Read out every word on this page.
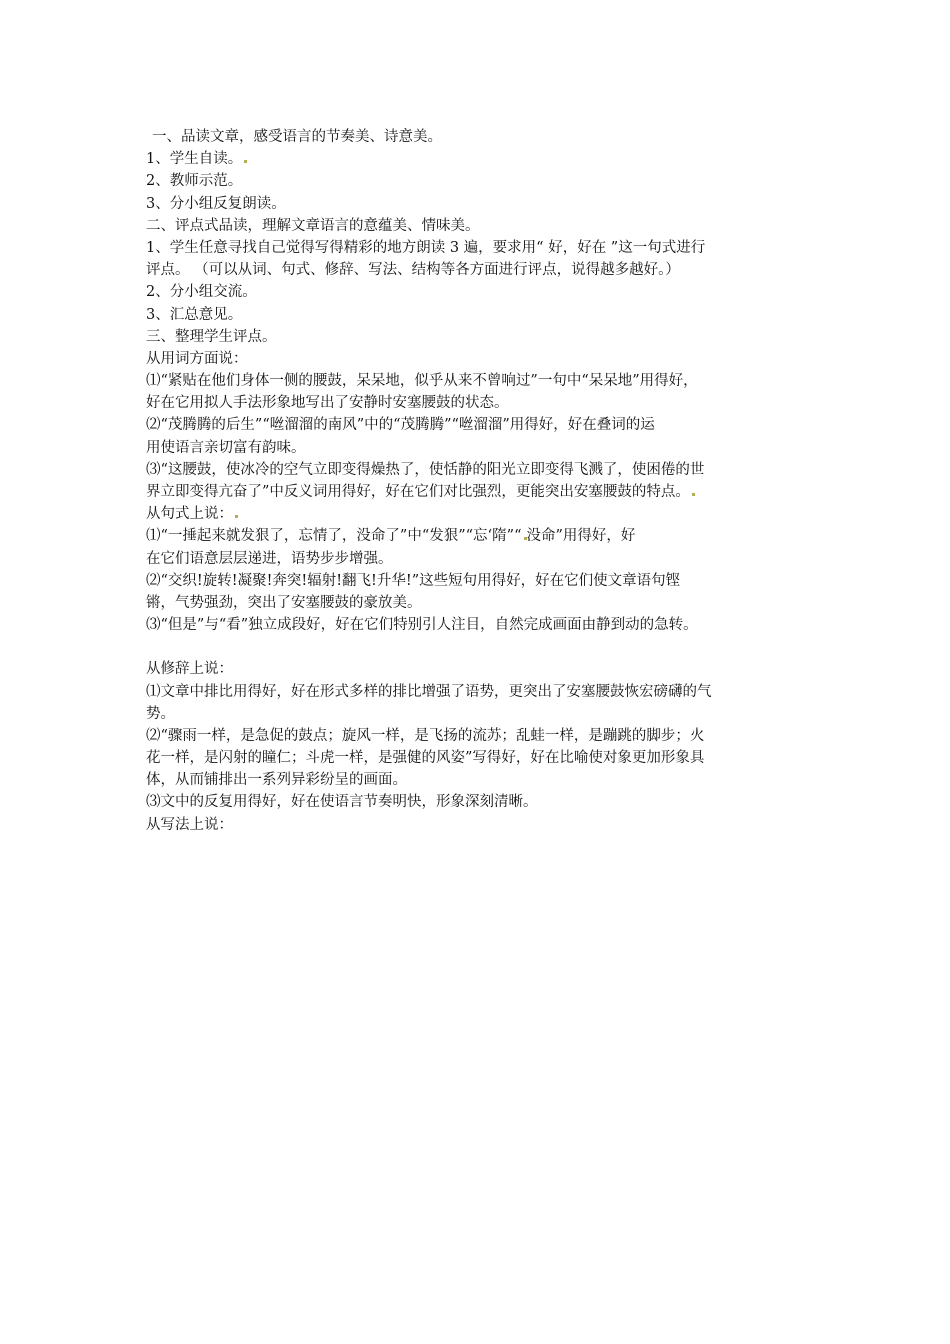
一、品读文章，感受语言的节奏美、诗意美。
1、学生自读。
2、教师示范。
3、分小组反复朗读。
二、评点式品读，理解文章语言的意蕴美、情味美。
1、学生任意寻找自己觉得写得精彩的地方朗读 3 遍，要求用“ 好，好在 ”这一句式进行
评点。 （可以从词、句式、修辞、写法、结构等各方面进行评点，说得越多越好。）
2、分小组交流。
3、汇总意见。
三、整理学生评点。
从用词方面说：
⑴“紧贴在他们身体一侧的腰鼓，呆呆地，似乎从来不曾响过”一句中“呆呆地”用得好，
好在它用拟人手法形象地写出了安静时安塞腰鼓的状态。
⑵“茂腾腾的后生”“咝溜溜的南风”中的“茂腾腾”“咝溜溜”用得好，好在叠词的运
用使语言亲切富有韵味。
⑶“这腰鼓，使冰冷的空气立即变得燥热了，使恬静的阳光立即变得飞溅了，使困倦的世
界立即变得亢奋了”中反义词用得好，好在它们对比强烈，更能突出安塞腰鼓的特点。
从句式上说：
⑴“一捶起来就发狠了，忘情了，没命了”中“发狠”“忘‘隋”“ 没命”用得好，好
在它们语意层层递进，语势步步增强。
⑵“交织!旋转!凝聚!奔突!辐射!翻飞!升华!”这些短句用得好，好在它们使文章语句铿
锵，气势强劲，突出了安塞腰鼓的豪放美。
⑶“但是”与“看”独立成段好，好在它们特别引人注目，自然完成画面由静到动的急转。
从修辞上说：
⑴文章中排比用得好，好在形式多样的排比增强了语势，更突出了安塞腰鼓恢宏磅礴的气
势。
⑵“骤雨一样，是急促的鼓点；旋风一样，是飞扬的流苏；乱蛙一样，是蹦跳的脚步；火
花一样，是闪射的瞳仁；斗虎一样，是强健的风姿”写得好，好在比喻使对象更加形象具
体，从而铺排出一系列异彩纷呈的画面。
⑶文中的反复用得好，好在使语言节奏明快，形象深刻清晰。
从写法上说：
